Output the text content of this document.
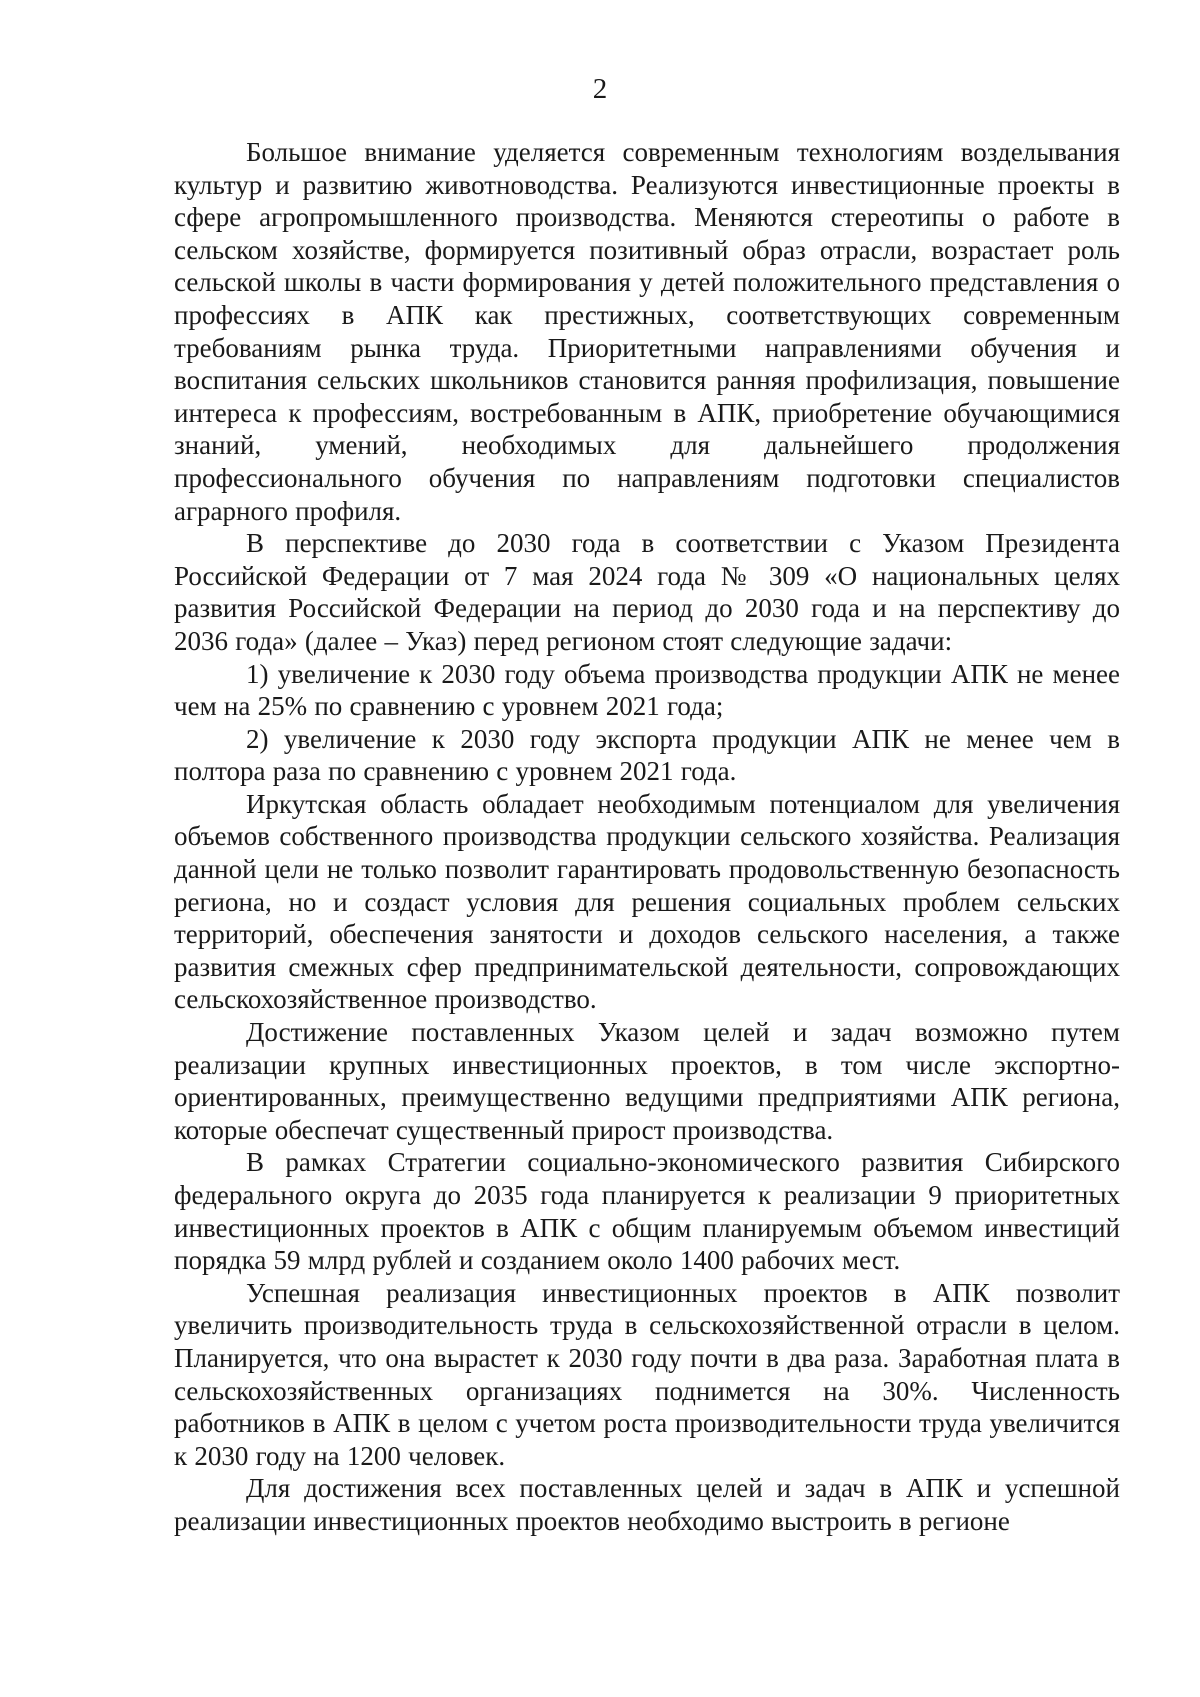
2

Большое внимание уделяется современным технологиям возделывания культур и развитию животноводства. Реализуются инвестиционные проекты в сфере агропромышленного производства. Меняются стереотипы о работе в сельском хозяйстве, формируется позитивный образ отрасли, возрастает роль сельской школы в части формирования у детей положительного представления о профессиях в АПК как престижных, соответствующих современным требованиям рынка труда. Приоритетными направлениями обучения и воспитания сельских школьников становится ранняя профилизация, повышение интереса к профессиям, востребованным в АПК, приобретение обучающимися знаний, умений, необходимых для дальнейшего продолжения профессионального обучения по направлениям подготовки специалистов аграрного профиля.

В перспективе до 2030 года в соответствии с Указом Президента Российской Федерации от 7 мая 2024 года № 309 «О национальных целях развития Российской Федерации на период до 2030 года и на перспективу до 2036 года» (далее – Указ) перед регионом стоят следующие задачи:

1) увеличение к 2030 году объема производства продукции АПК не менее чем на 25% по сравнению с уровнем 2021 года;

2) увеличение к 2030 году экспорта продукции АПК не менее чем в полтора раза по сравнению с уровнем 2021 года.

Иркутская область обладает необходимым потенциалом для увеличения объемов собственного производства продукции сельского хозяйства. Реализация данной цели не только позволит гарантировать продовольственную безопасность региона, но и создаст условия для решения социальных проблем сельских территорий, обеспечения занятости и доходов сельского населения, а также развития смежных сфер предпринимательской деятельности, сопровождающих сельскохозяйственное производство.

Достижение поставленных Указом целей и задач возможно путем реализации крупных инвестиционных проектов, в том числе экспортно-ориентированных, преимущественно ведущими предприятиями АПК региона, которые обеспечат существенный прирост производства.

В рамках Стратегии социально-экономического развития Сибирского федерального округа до 2035 года планируется к реализации 9 приоритетных инвестиционных проектов в АПК с общим планируемым объемом инвестиций порядка 59 млрд рублей и созданием около 1400 рабочих мест.

Успешная реализация инвестиционных проектов в АПК позволит увеличить производительность труда в сельскохозяйственной отрасли в целом. Планируется, что она вырастет к 2030 году почти в два раза. Заработная плата в сельскохозяйственных организациях поднимется на 30%. Численность работников в АПК в целом с учетом роста производительности труда увеличится к 2030 году на 1200 человек.

Для достижения всех поставленных целей и задач в АПК и успешной реализации инвестиционных проектов необходимо выстроить в регионе
